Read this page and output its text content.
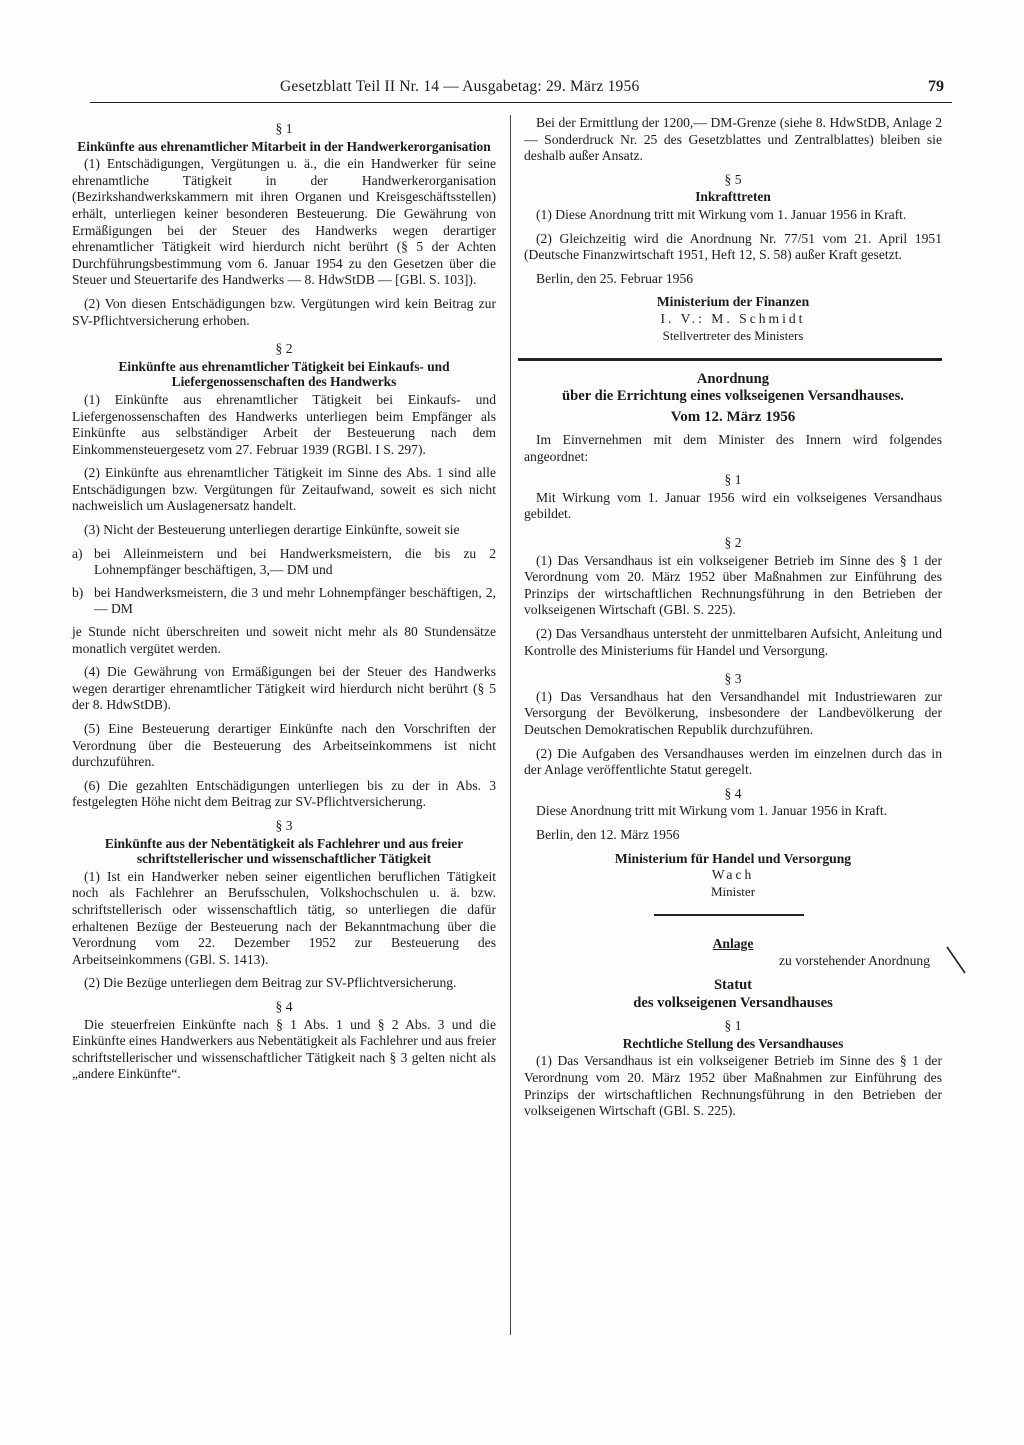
Gesetzblatt Teil II Nr. 14 — Ausgabetag: 29. März 1956	79
§ 1
Einkünfte aus ehrenamtlicher Mitarbeit in der Handwerkerorganisation

(1) Entschädigungen, Vergütungen u. ä., die ein Handwerker für seine ehrenamtliche Tätigkeit in der Handwerkerorganisation (Bezirkshandwerkskammern mit ihren Organen und Kreisgeschäftsstellen) erhält, unterliegen keiner besonderen Besteuerung. Die Gewährung von Ermäßigungen bei der Steuer des Handwerks wegen derartiger ehrenamtlicher Tätigkeit wird hierdurch nicht berührt (§ 5 der Achten Durchführungsbestimmung vom 6. Januar 1954 zu den Gesetzen über die Steuer und Steuertarife des Handwerks — 8. HdwStDB — [GBl. S. 103]).

(2) Von diesen Entschädigungen bzw. Vergütungen wird kein Beitrag zur SV-Pflichtversicherung erhoben.

§ 2
Einkünfte aus ehrenamtlicher Tätigkeit bei Einkaufs- und Liefergenossenschaften des Handwerks

(1) Einkünfte aus ehrenamtlicher Tätigkeit bei Einkaufs- und Liefergenossenschaften des Handwerks unterliegen beim Empfänger als Einkünfte aus selbständiger Arbeit der Besteuerung nach dem Einkommensteuergesetz vom 27. Februar 1939 (RGBl. I S. 297).

(2) Einkünfte aus ehrenamtlicher Tätigkeit im Sinne des Abs. 1 sind alle Entschädigungen bzw. Vergütungen für Zeitaufwand, soweit es sich nicht nachweislich um Auslagenersatz handelt.

(3) Nicht der Besteuerung unterliegen derartige Einkünfte, soweit sie

a) bei Alleinmeistern und bei Handwerksmeistern, die bis zu 2 Lohnempfänger beschäftigen, 3,— DM und
b) bei Handwerksmeistern, die 3 und mehr Lohnempfänger beschäftigen, 2,— DM

je Stunde nicht überschreiten und soweit nicht mehr als 80 Stundensätze monatlich vergütet werden.

(4) Die Gewährung von Ermäßigungen bei der Steuer des Handwerks wegen derartiger ehrenamtlicher Tätigkeit wird hierdurch nicht berührt (§ 5 der 8. HdwStDB).

(5) Eine Besteuerung derartiger Einkünfte nach den Vorschriften der Verordnung über die Besteuerung des Arbeitseinkommens ist nicht durchzuführen.

(6) Die gezahlten Entschädigungen unterliegen bis zu der in Abs. 3 festgelegten Höhe nicht dem Beitrag zur SV-Pflichtversicherung.

§ 3
Einkünfte aus der Nebentätigkeit als Fachlehrer und aus freier schriftstellerischer und wissenschaftlicher Tätigkeit

(1) Ist ein Handwerker neben seiner eigentlichen beruflichen Tätigkeit noch als Fachlehrer an Berufsschulen, Volkshochschulen u. ä. bzw. schriftstellerisch oder wissenschaftlich tätig, so unterliegen die dafür erhaltenen Bezüge der Besteuerung nach der Bekanntmachung über die Verordnung vom 22. Dezember 1952 zur Besteuerung des Arbeitseinkommens (GBl. S. 1413).

(2) Die Bezüge unterliegen dem Beitrag zur SV-Pflichtversicherung.

§ 4

Die steuerfreien Einkünfte nach § 1 Abs. 1 und § 2 Abs. 3 und die Einkünfte eines Handwerkers aus Nebentätigkeit als Fachlehrer und aus freier schriftstellerischer und wissenschaftlicher Tätigkeit nach § 3 gelten nicht als „andere Einkünfte“.

Bei der Ermittlung der 1200,— DM-Grenze (siehe 8. HdwStDB, Anlage 2 — Sonderdruck Nr. 25 des Gesetzblattes und Zentralblattes) bleiben sie deshalb außer Ansatz.

§ 5
Inkrafttreten

(1) Diese Anordnung tritt mit Wirkung vom 1. Januar 1956 in Kraft.

(2) Gleichzeitig wird die Anordnung Nr. 77/51 vom 21. April 1951 (Deutsche Finanzwirtschaft 1951, Heft 12, S. 58) außer Kraft gesetzt.

Berlin, den 25. Februar 1956

Ministerium der Finanzen
I. V.: M. Schmidt
Stellvertreter des Ministers
Anordnung
über die Errichtung eines volkseigenen Versandhauses.
Vom 12. März 1956

Im Einvernehmen mit dem Minister des Innern wird folgendes angeordnet:

§ 1

Mit Wirkung vom 1. Januar 1956 wird ein volkseigenes Versandhaus gebildet.

§ 2

(1) Das Versandhaus ist ein volkseigener Betrieb im Sinne des § 1 der Verordnung vom 20. März 1952 über Maßnahmen zur Einführung des Prinzips der wirtschaftlichen Rechnungsführung in den Betrieben der volkseigenen Wirtschaft (GBl. S. 225).

(2) Das Versandhaus untersteht der unmittelbaren Aufsicht, Anleitung und Kontrolle des Ministeriums für Handel und Versorgung.

§ 3

(1) Das Versandhaus hat den Versandhandel mit Industriewaren zur Versorgung der Bevölkerung, insbesondere der Landbevölkerung der Deutschen Demokratischen Republik durchzuführen.

(2) Die Aufgaben des Versandhauses werden im einzelnen durch das in der Anlage veröffentlichte Statut geregelt.

§ 4

Diese Anordnung tritt mit Wirkung vom 1. Januar 1956 in Kraft.

Berlin, den 12. März 1956

Ministerium für Handel und Versorgung
Wach
Minister
Anlage
zu vorstehender Anordnung
Statut
des volkseigenen Versandhauses
§ 1
Rechtliche Stellung des Versandhauses

(1) Das Versandhaus ist ein volkseigener Betrieb im Sinne des § 1 der Verordnung vom 20. März 1952 über Maßnahmen zur Einführung des Prinzips der wirtschaftlichen Rechnungsführung in den Betrieben der volkseigenen Wirtschaft (GBl. S. 225).
